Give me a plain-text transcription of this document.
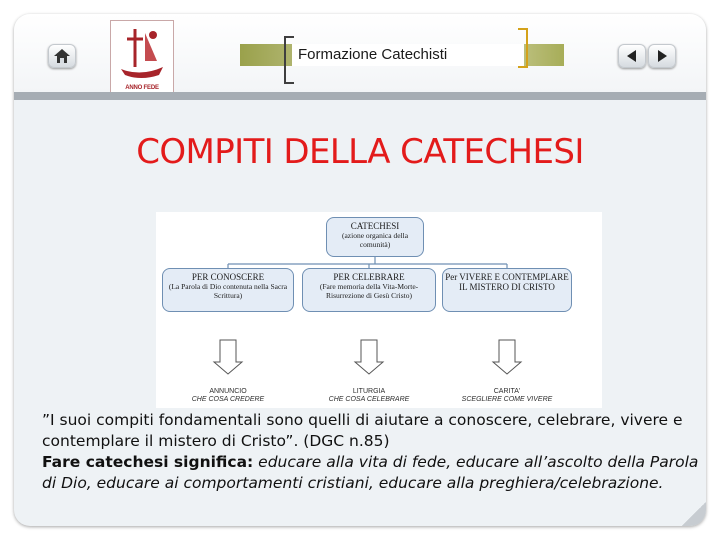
ANNO FEDE
Formazione Catechisti
COMPITI DELLA CATECHESI
CATECHESI
(azione organica della comunità)
PER CONOSCERE
(La Parola di Dio contenuta nella Sacra Scrittura)
PER CELEBRARE
(Fare memoria della Vita-Morte-Risurrezione di Gesù Cristo)
Per VIVERE E CONTEMPLARE IL MISTERO DI CRISTO
ANNUNCIO
CHE COSA CREDERE
LITURGIA
CHE COSA CELEBRARE
CARITA'
SCEGLIERE COME VIVERE

”I suoi compiti fondamentali sono quelli di aiutare a conoscere, celebrare, vivere e contemplare il mistero di Cristo”. (DGC n.85)

Fare catechesi significa: educare alla vita di fede, educare all’ascolto della Parola di Dio, educare ai comportamenti cristiani, educare alla preghiera/celebrazione.
